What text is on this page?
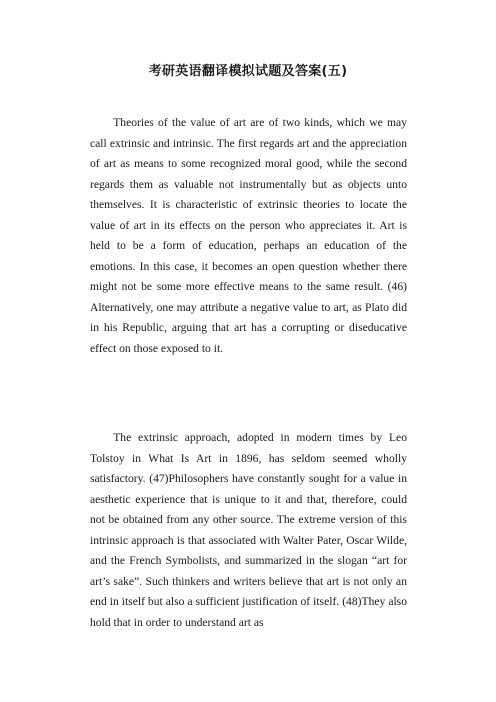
考研英语翻译模拟试题及答案(五)

Theories of the value of art are of two kinds, which we may call extrinsic and intrinsic. The first regards art and the appreciation of art as means to some recognized moral good, while the second regards them as valuable not instrumentally but as objects unto themselves. It is characteristic of extrinsic theories to locate the value of art in its effects on the person who appreciates it. Art is held to be a form of education, perhaps an education of the emotions. In this case, it becomes an open question whether there might not be some more effective means to the same result. (46) Alternatively, one may attribute a negative value to art, as Plato did in his Republic, arguing that art has a corrupting or diseducative effect on those exposed to it.

The extrinsic approach, adopted in modern times by Leo Tolstoy in What Is Art in 1896, has seldom seemed wholly satisfactory. (47)Philosophers have constantly sought for a value in aesthetic experience that is unique to it and that, therefore, could not be obtained from any other source. The extreme version of this intrinsic approach is that associated with Walter Pater, Oscar Wilde, and the French Symbolists, and summarized in the slogan “art for art’s sake”. Such thinkers and writers believe that art is not only an end in itself but also a sufficient justification of itself. (48)They also hold that in order to understand art as
